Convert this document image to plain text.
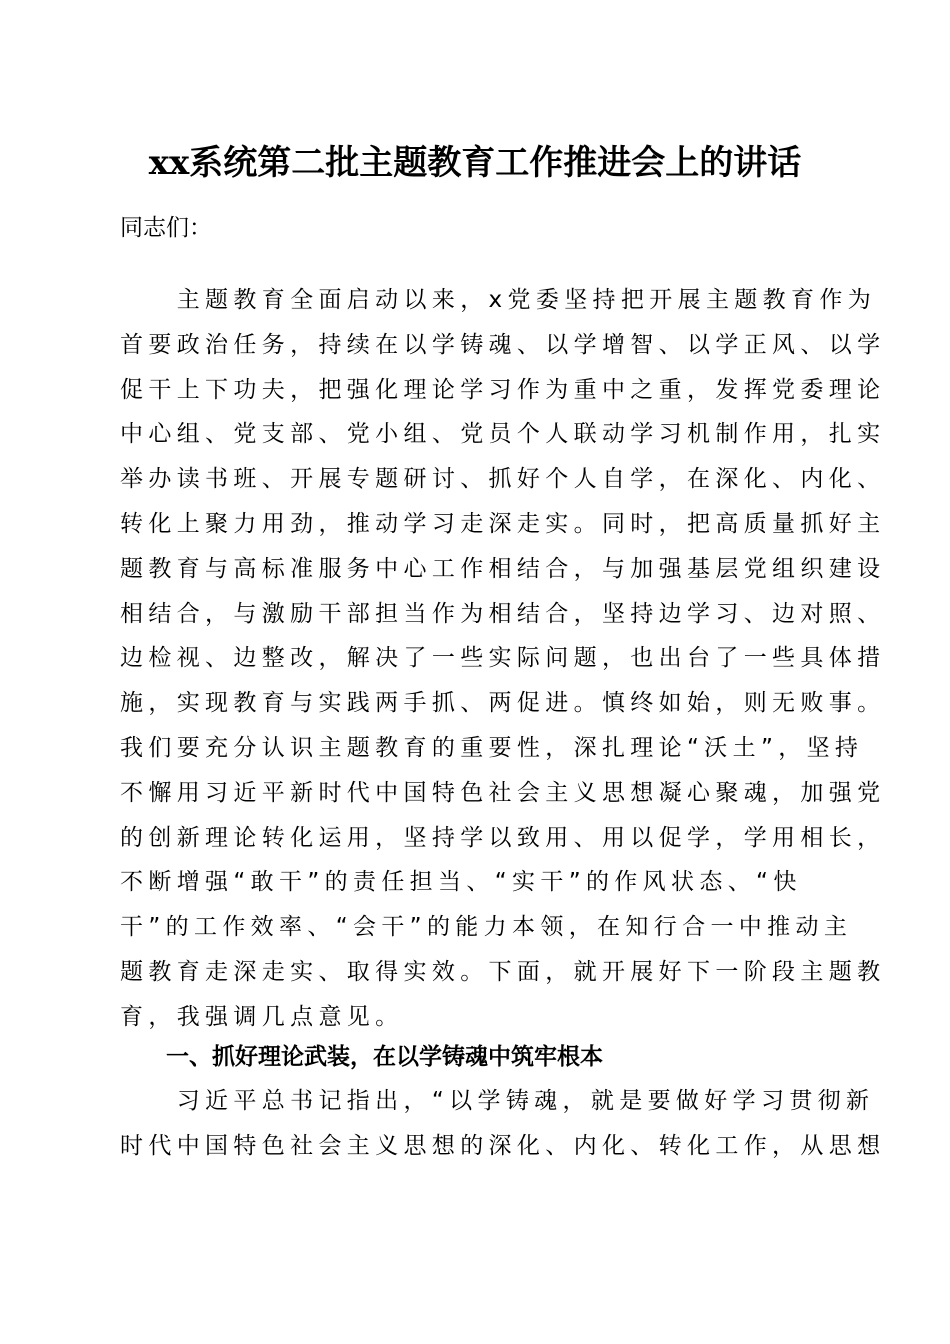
xx系统第二批主题教育工作推进会上的讲话
同志们：
　　主题教育全面启动以来，x党委坚持把开展主题教育作为
首要政治任务，持续在以学铸魂、以学增智、以学正风、以学
促干上下功夫，把强化理论学习作为重中之重，发挥党委理论
中心组、党支部、党小组、党员个人联动学习机制作用，扎实
举办读书班、开展专题研讨、抓好个人自学，在深化、内化、
转化上聚力用劲，推动学习走深走实。同时，把高质量抓好主
题教育与高标准服务中心工作相结合，与加强基层党组织建设
相结合，与激励干部担当作为相结合，坚持边学习、边对照、
边检视、边整改，解决了一些实际问题，也出台了一些具体措
施，实现教育与实践两手抓、两促进。慎终如始，则无败事。
我们要充分认识主题教育的重要性，深扎理论“沃土”，坚持
不懈用习近平新时代中国特色社会主义思想凝心聚魂，加强党
的创新理论转化运用，坚持学以致用、用以促学，学用相长，
不断增强“敢干”的责任担当、“实干”的作风状态、“快
干”的工作效率、“会干”的能力本领，在知行合一中推动主
题教育走深走实、取得实效。下面，就开展好下一阶段主题教
育，我强调几点意见。
一、抓好理论武装，在以学铸魂中筑牢根本
　　习近平总书记指出，“以学铸魂，就是要做好学习贯彻新
时代中国特色社会主义思想的深化、内化、转化工作，从思想
